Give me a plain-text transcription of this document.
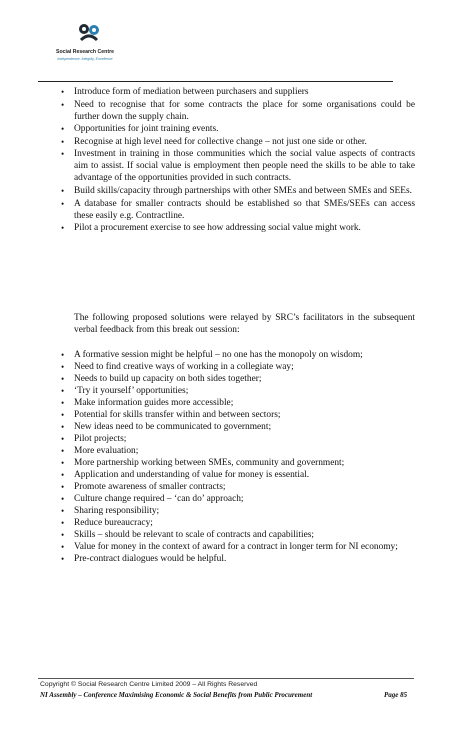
Social Research Centre
Independence, Integrity, Excellence
• Introduce form of mediation between purchasers and suppliers
• Need to recognise that for some contracts the place for some organisations could be further down the supply chain.
• Opportunities for joint training events.
• Recognise at high level need for collective change – not just one side or other.
• Investment in training in those communities which the social value aspects of contracts aim to assist. If social value is employment then people need the skills to be able to take advantage of the opportunities provided in such contracts.
• Build skills/capacity through partnerships with other SMEs and between SMEs and SEEs.
• A database for smaller contracts should be established so that SMEs/SEEs can access these easily e.g. Contractline.
• Pilot a procurement exercise to see how addressing social value might work.

The following proposed solutions were relayed by SRC’s facilitators in the subsequent verbal feedback from this break out session:

• A formative session might be helpful – no one has the monopoly on wisdom;
• Need to find creative ways of working in a collegiate way;
• Needs to build up capacity on both sides together;
• ‘Try it yourself’ opportunities;
• Make information guides more accessible;
• Potential for skills transfer within and between sectors;
• New ideas need to be communicated to government;
• Pilot projects;
• More evaluation;
• More partnership working between SMEs, community and government;
• Application and understanding of value for money is essential.
• Promote awareness of smaller contracts;
• Culture change required – ‘can do’ approach;
• Sharing responsibility;
• Reduce bureaucracy;
• Skills – should be relevant to scale of contracts and capabilities;
• Value for money in the context of award for a contract in longer term for NI economy;
• Pre-contract dialogues would be helpful.
Copyright © Social Research Centre Limited 2009 – All Rights Reserved
NI Assembly – Conference Maximising Economic & Social Benefits from Public Procurement	Page 85
